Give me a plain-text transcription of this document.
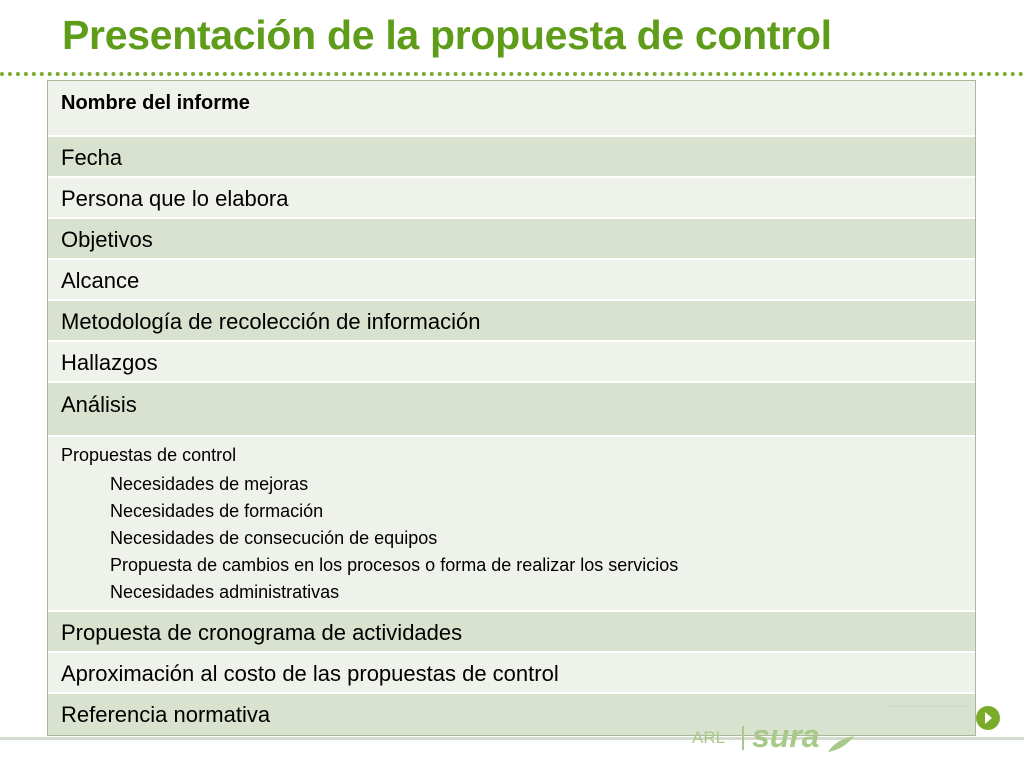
Presentación de la propuesta de control
Nombre del informe
Fecha
Persona que lo elabora
Objetivos
Alcance
Metodología de recolección de información
Hallazgos
Análisis
Propuestas de control
Necesidades de mejoras
Necesidades de formación
Necesidades de consecución de equipos
Propuesta de cambios en los procesos o forma de realizar los servicios
Necesidades administrativas
Propuesta de cronograma de actividades
Aproximación al costo de las propuestas de control
Referencia normativa
ARL sura
